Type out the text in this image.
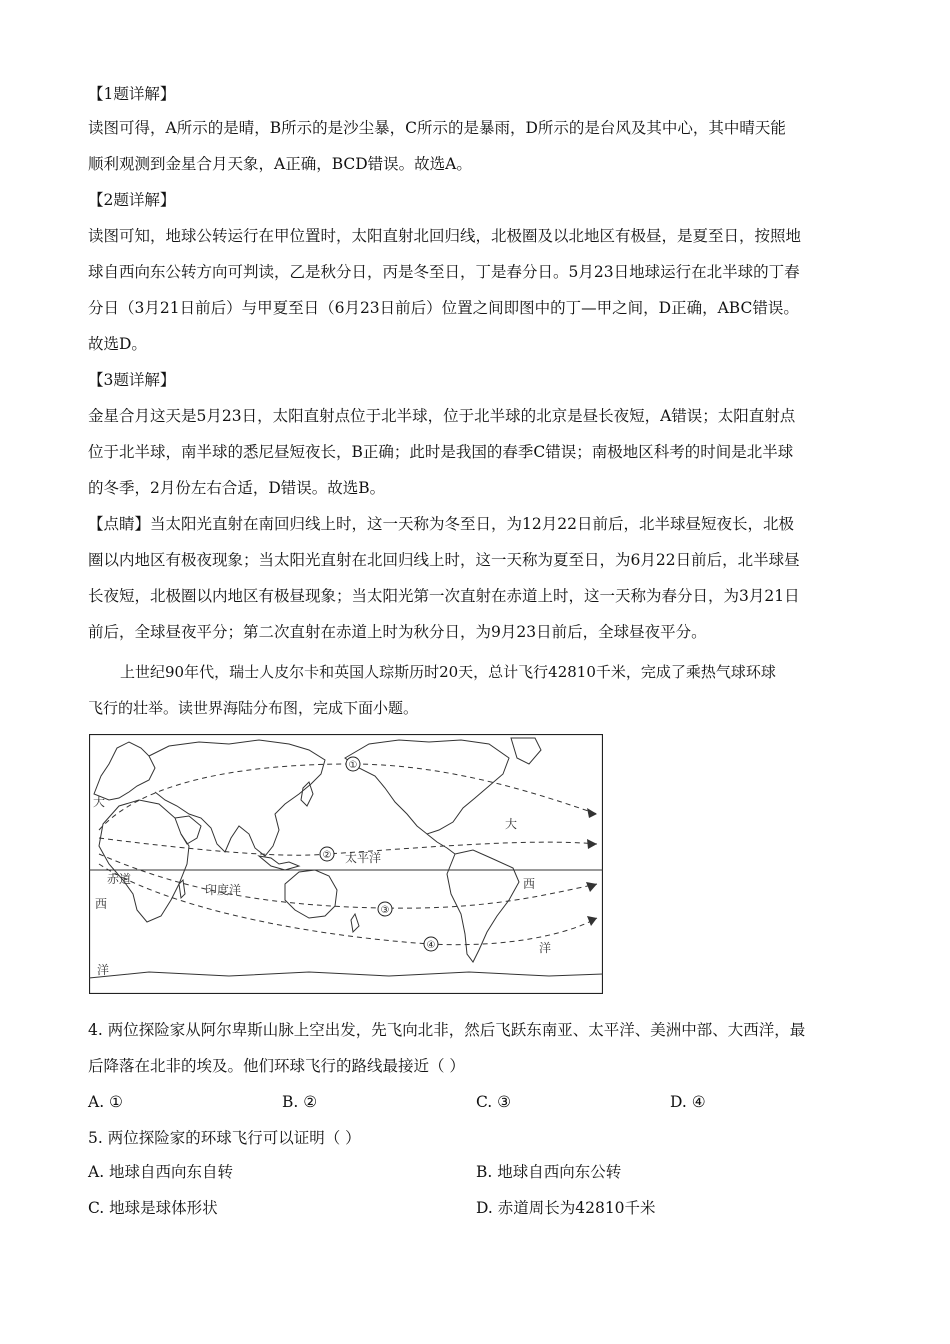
【1题详解】
读图可得，A所示的是晴，B所示的是沙尘暴，C所示的是暴雨，D所示的是台风及其中心，其中晴天能
顺利观测到金星合月天象，A正确，BCD错误。故选A。
【2题详解】
读图可知，地球公转运行在甲位置时，太阳直射北回归线，北极圈及以北地区有极昼，是夏至日，按照地
球自西向东公转方向可判读，乙是秋分日，丙是冬至日，丁是春分日。5月23日地球运行在北半球的丁春
分日（3月21日前后）与甲夏至日（6月23日前后）位置之间即图中的丁—甲之间，D正确，ABC错误。
故选D。
【3题详解】
金星合月这天是5月23日，太阳直射点位于北半球，位于北半球的北京是昼长夜短，A错误；太阳直射点
位于北半球，南半球的悉尼昼短夜长，B正确；此时是我国的春季C错误；南极地区科考的时间是北半球
的冬季，2月份左右合适，D错误。故选B。
【点睛】当太阳光直射在南回归线上时，这一天称为冬至日，为12月22日前后，北半球昼短夜长，北极
圈以内地区有极夜现象；当太阳光直射在北回归线上时，这一天称为夏至日，为6月22日前后，北半球昼
长夜短，北极圈以内地区有极昼现象；当太阳光第一次直射在赤道上时，这一天称为春分日，为3月21日
前后，全球昼夜平分；第二次直射在赤道上时为秋分日，为9月23日前后，全球昼夜平分。
上世纪90年代，瑞士人皮尔卡和英国人琮斯历时20天，总计飞行42810千米，完成了乘热气球环球
飞行的壮举。读世界海陆分布图，完成下面小题。
①
②
③
④
大
西
洋
赤道
印度洋
太平洋
大
西
洋
4. 两位探险家从阿尔卑斯山脉上空出发，先飞向北非，然后飞跃东南亚、太平洋、美洲中部、大西洋，最
后降落在北非的埃及。他们环球飞行的路线最接近（ ）
A. ①	B. ②	C. ③	D. ④
5. 两位探险家的环球飞行可以证明（ ）
A. 地球自西向东自转	B. 地球自西向东公转
C. 地球是球体形状	D. 赤道周长为42810千米
